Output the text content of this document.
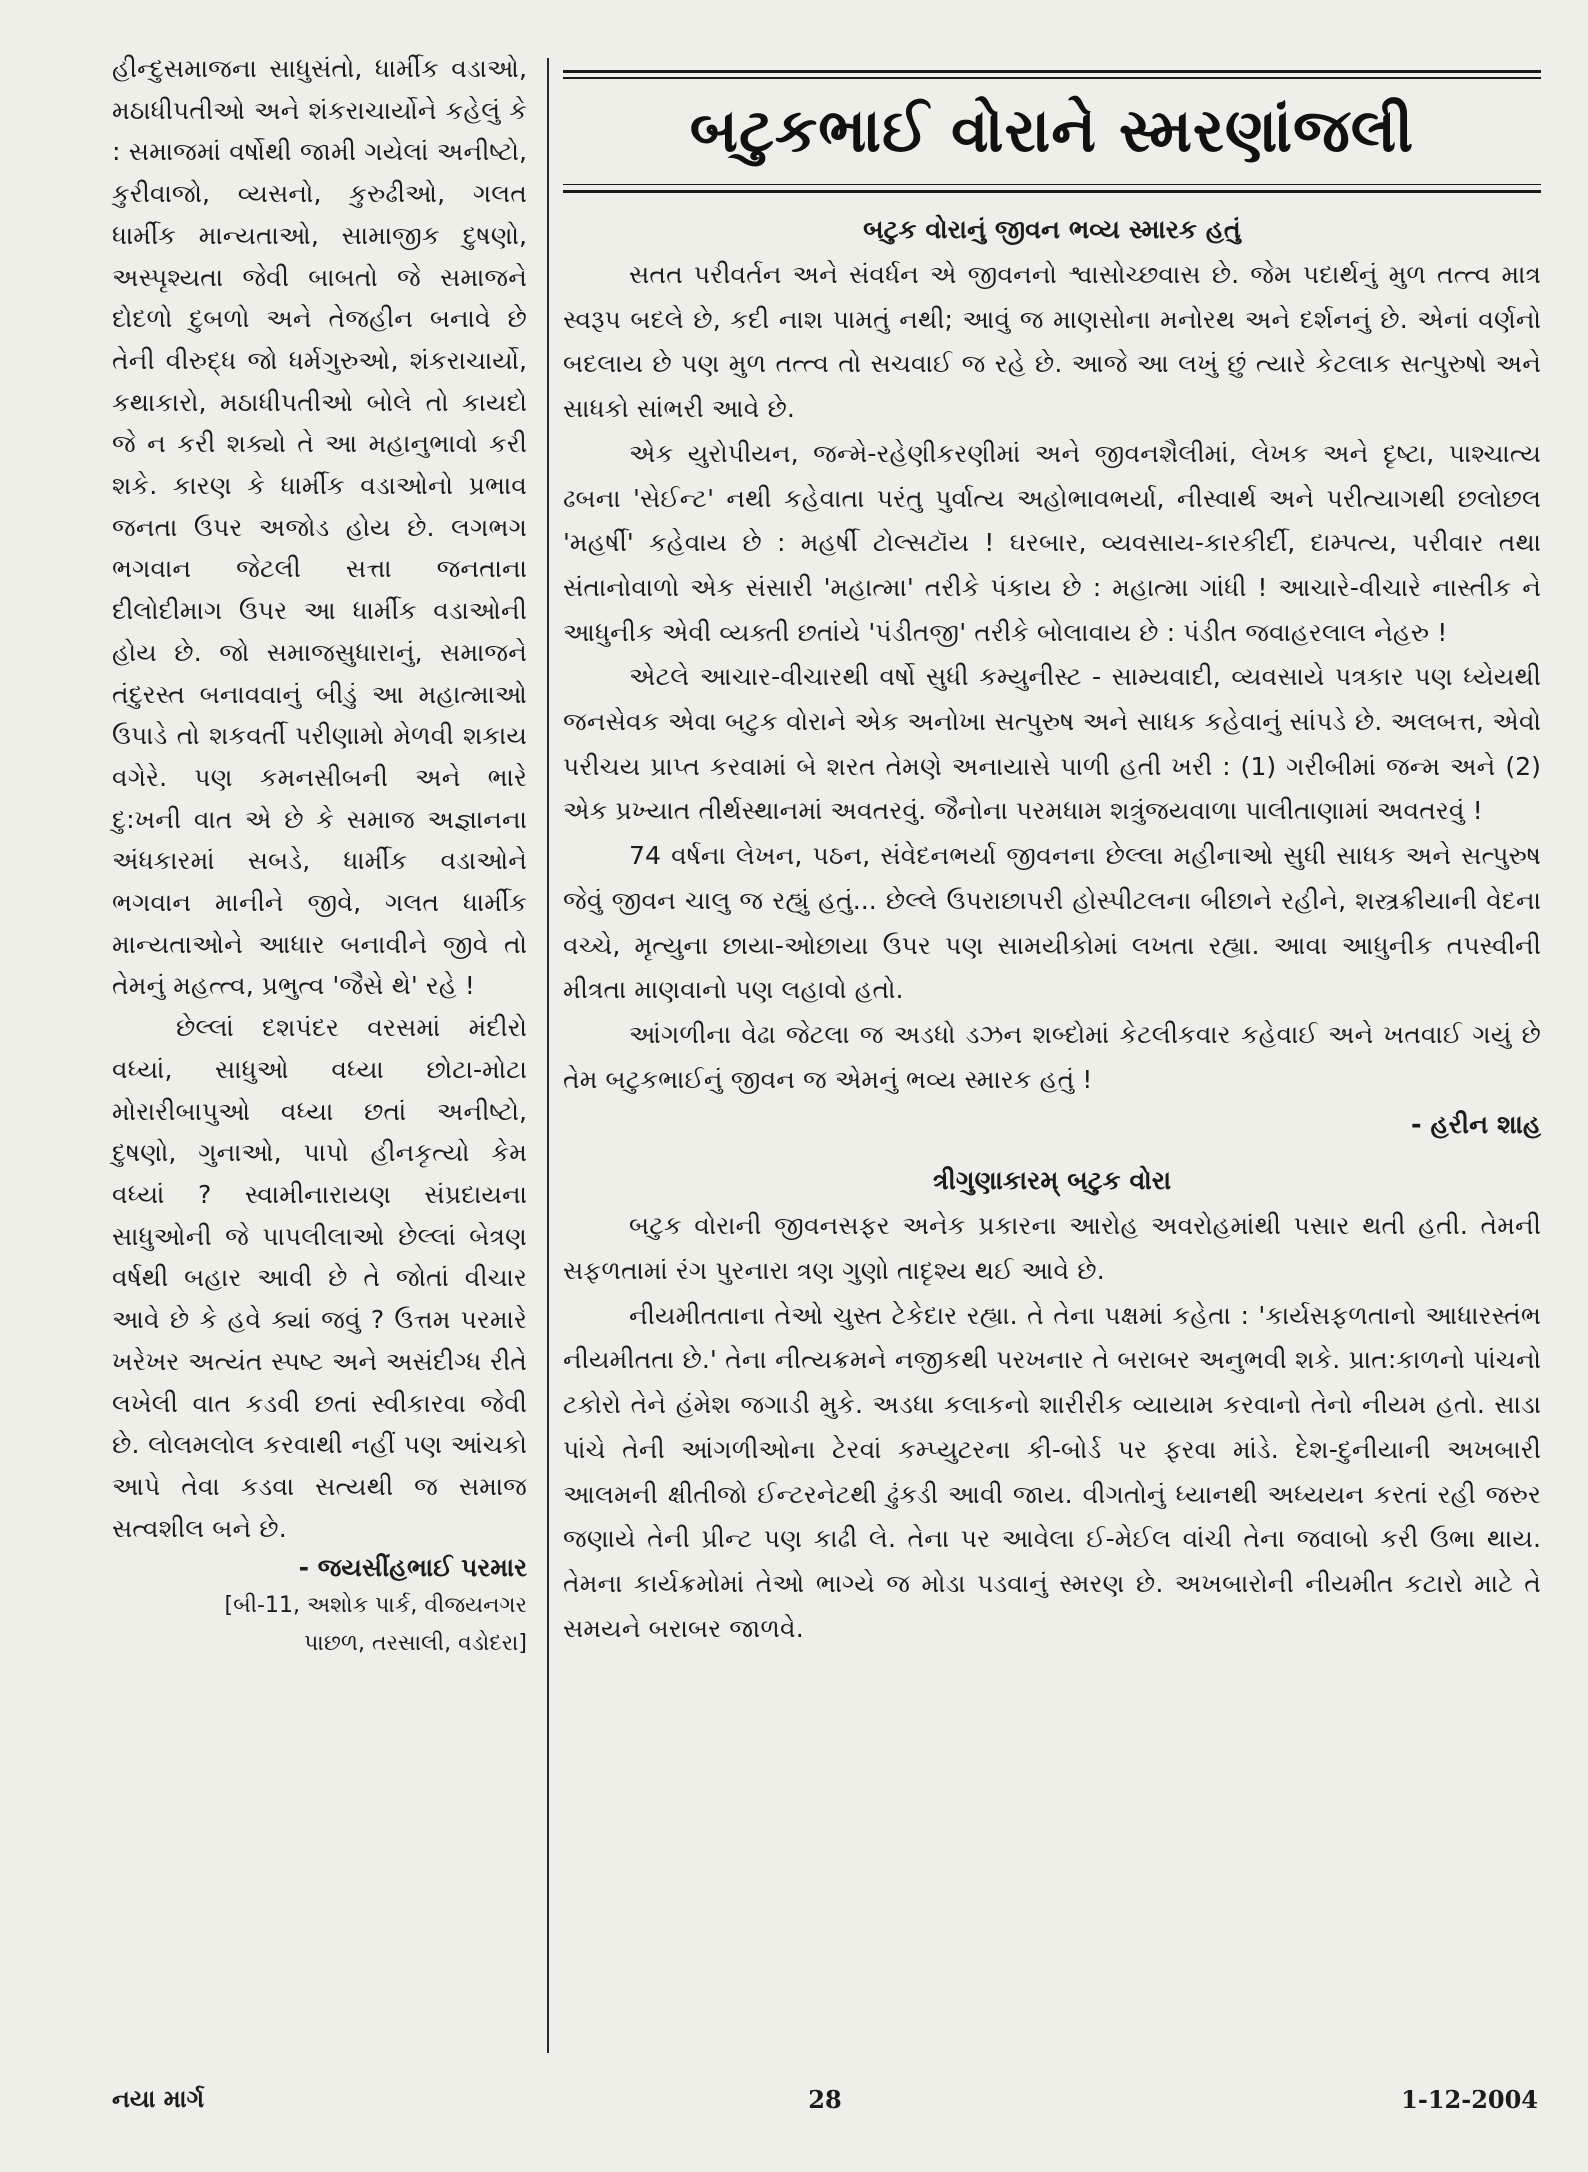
હીન્દુસમાજના સાધુસંતો, ધાર્મીક વડાઓ, મઠાધીપતીઓ અને શંકરાચાર્યોને કહેલું કે : સમાજમાં વર્ષોથી જામી ગયેલાં અનીષ્ટો, કુરીવાજો, વ્યસનો, કુરુઢીઓ, ગલત ધાર્મીક માન્યતાઓ, સામાજીક દુષણો, અસ્પૃશ્યતા જેવી બાબતો જે સમાજને દોદળો દુબળો અને તેજહીન બનાવે છે તેની વીરુદ્ધ જો ધર્મગુરુઓ, શંકરાચાર્યો, કથાકારો, મઠાધીપતીઓ બોલે તો કાયદો જે ન કરી શક્યો તે આ મહાનુભાવો કરી શકે. કારણ કે ધાર્મીક વડાઓનો પ્રભાવ જનતા ઉપર અજોડ હોય છે. લગભગ ભગવાન જેટલી સત્તા જનતાના દીલોદીમાગ ઉપર આ ધાર્મીક વડાઓની હોય છે. જો સમાજસુધારાનું, સમાજને તંદુરસ્ત બનાવવાનું બીડું આ મહાત્માઓ ઉપાડે તો શકવર્તી પરીણામો મેળવી શકાય વગેરે. પણ કમનસીબની અને ભારે દુ:ખની વાત એ છે કે સમાજ અજ્ઞાનના અંધકારમાં સબડે, ધાર્મીક વડાઓને ભગવાન માનીને જીવે, ગલત ધાર્મીક માન્યતાઓને આધાર બનાવીને જીવે તો તેમનું મહત્ત્વ, પ્રભુત્વ 'જૈસે થે' રહે !

છેલ્લાં દશપંદર વરસમાં મંદીરો વધ્યાં, સાધુઓ વધ્યા છોટા-મોટા મોરારીબાપુઓ વધ્યા છતાં અનીષ્ટો, દુષણો, ગુનાઓ, પાપો હીનકૃત્યો કેમ વધ્યાં ? સ્વામીનારાયણ સંપ્રદાયના સાધુઓની જે પાપલીલાઓ છેલ્લાં બેત્રણ વર્ષથી બહાર આવી છે તે જોતાં વીચાર આવે છે કે હવે ક્યાં જવું ? ઉત્તમ પરમારે ખરેખર અત્યંત સ્પષ્ટ અને અસંદીગ્ધ રીતે લખેલી વાત કડવી છતાં સ્વીકારવા જેવી છે. લોલમલોલ કરવાથી નહીં પણ આંચકો આપે તેવા કડવા સત્યથી જ સમાજ સત્વશીલ બને છે.

- જયસીંહભાઈ પરમાર
[બી-11, અશોક પાર્ક, વીજયનગર
પાછળ, તરસાલી, વડોદરા]
બટુકભાઈ વોરાને સ્મરણાંજલી
બટુક વોરાનું જીવન ભવ્ય સ્મારક હતું

સતત પરીવર્તન અને સંવર્ધન એ જીવનનો શ્વાસોચ્છવાસ છે. જેમ પદાર્થનું મુળ તત્ત્વ માત્ર સ્વરૂપ બદલે છે, કદી નાશ પામતું નથી; આવું જ માણસોના મનોરથ અને દર્શનનું છે. એનાં વર્ણનો બદલાય છે પણ મુળ તત્ત્વ તો સચવાઈ જ રહે છે. આજે આ લખું છું ત્યારે કેટલાક સત્પુરુષો અને સાધકો સાંભરી આવે છે.

એક યુરોપીયન, જન્મે-રહેણીકરણીમાં અને જીવનશૈલીમાં, લેખક અને દૃષ્ટા, પાશ્ચાત્ય ઢબના 'સેઈન્ટ' નથી કહેવાતા પરંતુ પુર્વાત્ય અહોભાવભર્યા, નીસ્વાર્થ અને પરીત્યાગથી છલોછલ 'મહર્ષી' કહેવાય છે : મહર્ષી ટોલ્સટૉય ! ઘરબાર, વ્યવસાય-કારકીર્દી, દામ્પત્ય, પરીવાર તથા સંતાનોવાળો એક સંસારી 'મહાત્મા' તરીકે પંકાય છે : મહાત્મા ગાંધી ! આચારે-વીચારે નાસ્તીક ને આધુનીક એવી વ્યક્તી છતાંયે 'પંડીતજી' તરીકે બોલાવાય છે : પંડીત જવાહરલાલ નેહરુ !

એટલે આચાર-વીચારથી વર્ષો સુધી કમ્યુનીસ્ટ - સામ્યવાદી, વ્યવસાયે પત્રકાર પણ ધ્યેયથી જનસેવક એવા બટુક વોરાને એક અનોખા સત્પુરુષ અને સાધક કહેવાનું સાંપડે છે. અલબત્ત, એવો પરીચય પ્રાપ્ત કરવામાં બે શરત તેમણે અનાયાસે પાળી હતી ખરી : (1) ગરીબીમાં જન્મ અને (2) એક પ્રખ્યાત તીર્થસ્થાનમાં અવતરવું. જૈનોના પરમધામ શત્રુંજયવાળા પાલીતાણામાં અવતરવું !

74 વર્ષના લેખન, પઠન, સંવેદનભર્યા જીવનના છેલ્લા મહીનાઓ સુધી સાધક અને સત્પુરુષ જેવું જીવન ચાલુ જ રહ્યું હતું... છેલ્લે ઉપરાછાપરી હોસ્પીટલના બીછાને રહીને, શસ્ત્રક્રીયાની વેદના વચ્ચે, મૃત્યુના છાયા-ઓછાયા ઉપર પણ સામયીકોમાં લખતા રહ્યા. આવા આધુનીક તપસ્વીની મીત્રતા માણવાનો પણ લહાવો હતો.

આંગળીના વેઢા જેટલા જ અડધો ડઝન શબ્દોમાં કેટલીકવાર કહેવાઈ અને ખતવાઈ ગયું છે તેમ બટુકભાઈનું જીવન જ એમનું ભવ્ય સ્મારક હતું !

- હરીન શાહ
ત્રીગુણાકારમ્ બટુક વોરા

બટુક વોરાની જીવનસફર અનેક પ્રકારના આરોહ અવરોહમાંથી પસાર થતી હતી. તેમની સફળતામાં રંગ પુરનારા ત્રણ ગુણો તાદૃશ્ય થઈ આવે છે.

નીયમીતતાના તેઓ ચુસ્ત ટેકેદાર રહ્યા. તે તેના પક્ષમાં કહેતા : 'કાર્યસફળતાનો આધારસ્તંભ નીયમીતતા છે.' તેના નીત્યક્રમને નજીકથી પરખનાર તે બરાબર અનુભવી શકે. પ્રાત:કાળનો પાંચનો ટકોરો તેને હંમેશ જગાડી મુકે. અડધા કલાકનો શારીરીક વ્યાયામ કરવાનો તેનો નીયમ હતો. સાડા પાંચે તેની આંગળીઓના ટેરવાં કમ્પ્યુટરના કી-બોર્ડ પર ફરવા માંડે. દેશ-દુનીયાની અખબારી આલમની ક્ષીતીજો ઈન્ટરનેટથી ઢુંકડી આવી જાય. વીગતોનું ધ્યાનથી અધ્યયન કરતાં રહી જરુર જણાયે તેની પ્રીન્ટ પણ કાઢી લે. તેના પર આવેલા ઈ-મેઈલ વાંચી તેના જવાબો કરી ઉભા થાય. તેમના કાર્યક્રમોમાં તેઓ ભાગ્યે જ મોડા પડવાનું સ્મરણ છે. અખબારોની નીયમીત કટારો માટે તે સમયને બરાબર જાળવે.

નયા માર્ગ	28	1-12-2004
